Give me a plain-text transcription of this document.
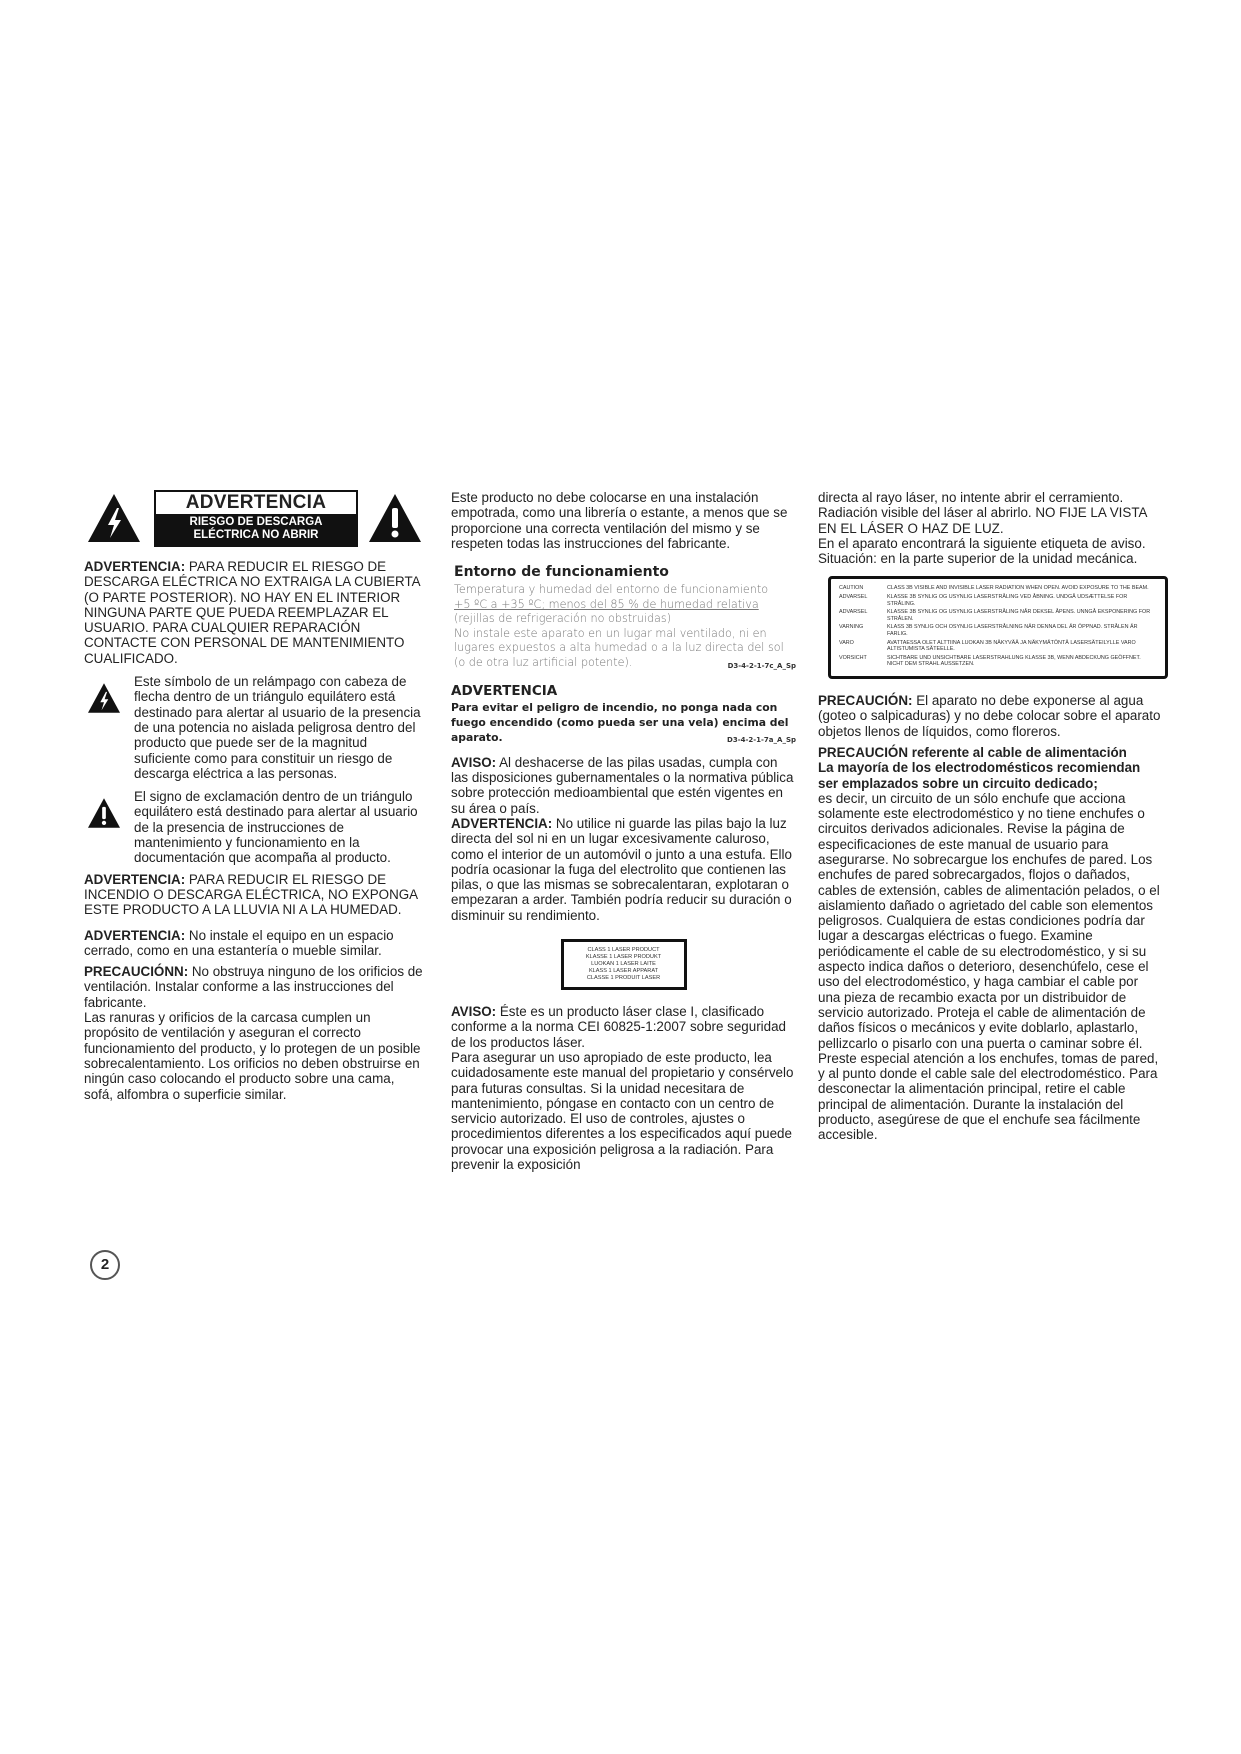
ADVERTENCIA
RIESGO DE DESCARGA ELÉCTRICA NO ABRIR

ADVERTENCIA: PARA REDUCIR EL RIESGO DE DESCARGA ELÉCTRICA NO EXTRAIGA LA CUBIERTA (O PARTE POSTERIOR). NO HAY EN EL INTERIOR NINGUNA PARTE QUE PUEDA REEMPLAZAR EL USUARIO. PARA CUALQUIER REPARACIÓN CONTACTE CON PERSONAL DE MANTENIMIENTO CUALIFICADO.

Este símbolo de un relámpago con cabeza de flecha dentro de un triángulo equilátero está destinado para alertar al usuario de la presencia de una potencia no aislada peligrosa dentro del producto que puede ser de la magnitud suficiente como para constituir un riesgo de descarga eléctrica a las personas.
El signo de exclamación dentro de un triángulo equilátero está destinado para alertar al usuario de la presencia de instrucciones de mantenimiento y funcionamiento en la documentación que acompaña al producto.

ADVERTENCIA: PARA REDUCIR EL RIESGO DE INCENDIO O DESCARGA ELÉCTRICA, NO EXPONGA ESTE PRODUCTO A LA LLUVIA NI A LA HUMEDAD.

ADVERTENCIA: No instale el equipo en un espacio cerrado, como en una estantería o mueble similar.

PRECAUCIÓNN: No obstruya ninguno de los orificios de ventilación. Instalar conforme a las instrucciones del fabricante.

Las ranuras y orificios de la carcasa cumplen un propósito de ventilación y aseguran el correcto funcionamiento del producto, y lo protegen de un posible sobrecalentamiento. Los orificios no deben obstruirse en ningún caso colocando el producto sobre una cama, sofá, alfombra o superficie similar.

Este producto no debe colocarse en una instalación empotrada, como una librería o estante, a menos que se proporcione una correcta ventilación del mismo y se respeten todas las instrucciones del fabricante.

Entorno de funcionamiento
Temperatura y humedad del entorno de funcionamiento
+5 ºC a +35 ºC; menos del 85 % de humedad relativa
(rejillas de refrigeración no obstruidas)
No instale este aparato en un lugar mal ventilado, ni en lugares expuestos a alta humedad o a la luz directa del sol (o de otra luz artificial potente).	D3-4-2-1-7c_A_Sp
ADVERTENCIA
Para evitar el peligro de incendio, no ponga nada con fuego encendido (como pueda ser una vela) encima del aparato.	D3-4-2-1-7a_A_Sp

AVISO: Al deshacerse de las pilas usadas, cumpla con las disposiciones gubernamentales o la normativa pública sobre protección medioambiental que estén vigentes en su área o país.

ADVERTENCIA: No utilice ni guarde las pilas bajo la luz directa del sol ni en un lugar excesivamente caluroso, como el interior de un automóvil o junto a una estufa. Ello podría ocasionar la fuga del electrolito que contienen las pilas, o que las mismas se sobrecalentaran, explotaran o empezaran a arder. También podría reducir su duración o disminuir su rendimiento.

CLASS 1 LASER PRODUCT
KLASSE 1 LASER PRODUKT
LUOKAN 1 LASER LAITE
KLASS 1 LASER APPARAT
CLASSE 1 PRODUIT LASER

AVISO: Éste es un producto láser clase I, clasificado conforme a la norma CEI 60825-1:2007 sobre seguridad de los productos láser.

Para asegurar un uso apropiado de este producto, lea cuidadosamente este manual del propietario y consérvelo para futuras consultas. Si la unidad necesitara de mantenimiento, póngase en contacto con un centro de servicio autorizado. El uso de controles, ajustes o procedimientos diferentes a los especificados aquí puede provocar una exposición peligrosa a la radiación. Para prevenir la exposición

directa al rayo láser, no intente abrir el cerramiento. Radiación visible del láser al abrirlo. NO FIJE LA VISTA EN EL LÁSER O HAZ DE LUZ.

En el aparato encontrará la siguiente etiqueta de aviso. Situación: en la parte superior de la unidad mecánica.

CAUTION	CLASS 3B VISIBLE AND INVISIBLE LASER RADIATION WHEN OPEN. AVOID EXPOSURE TO THE BEAM.
ADVARSEL	KLASSE 3B SYNLIG OG USYNLIG LASERSTRÅLING VED ÅBNING. UNDGÅ UDSÆTTELSE FOR STRÅLING.
ADVARSEL	KLASSE 3B SYNLIG OG USYNLIG LASERSTRÅLING NÅR DEKSEL ÅPENS. UNNGÅ EKSPONERING FOR STRÅLEN.
VARNING	KLASS 3B SYNLIG OCH OSYNLIG LASERSTRÅLNING NÄR DENNA DEL ÄR ÖPPNAD. STRÅLEN ÄR FARLIG.
VARO	AVATTAESSA OLET ALTTIINA LUOKAN 3B NÄKYVÄÄ JA NÄKYMÄTÖNTÄ LASERSÄTEILYLLE VARO ALTISTUMISTA SÄTEELLE.
VORSICHT	SICHTBARE UND UNSICHTBARE LASERSTRAHLUNG KLASSE 3B, WENN ABDECKUNG GEÖFFNET. NICHT DEM STRAHL AUSSETZEN.

PRECAUCIÓN: El aparato no debe exponerse al agua (goteo o salpicaduras) y no debe colocar sobre el aparato objetos llenos de líquidos, como floreros.

PRECAUCIÓN referente al cable de alimentación

La mayoría de los electrodomésticos recomiendan ser emplazados sobre un circuito dedicado;

es decir, un circuito de un sólo enchufe que acciona solamente este electrodoméstico y no tiene enchufes o circuitos derivados adicionales. Revise la página de especificaciones de este manual de usuario para asegurarse. No sobrecargue los enchufes de pared. Los enchufes de pared sobrecargados, flojos o dañados, cables de extensión, cables de alimentación pelados, o el aislamiento dañado o agrietado del cable son elementos peligrosos. Cualquiera de estas condiciones podría dar lugar a descargas eléctricas o fuego. Examine periódicamente el cable de su electrodoméstico, y si su aspecto indica daños o deterioro, desenchúfelo, cese el uso del electrodoméstico, y haga cambiar el cable por una pieza de recambio exacta por un distribuidor de servicio autorizado. Proteja el cable de alimentación de daños físicos o mecánicos y evite doblarlo, aplastarlo, pellizcarlo o pisarlo con una puerta o caminar sobre él. Preste especial atención a los enchufes, tomas de pared, y al punto donde el cable sale del electrodoméstico. Para desconectar la alimentación principal, retire el cable principal de alimentación. Durante la instalación del producto, asegúrese de que el enchufe sea fácilmente accesible.

2
